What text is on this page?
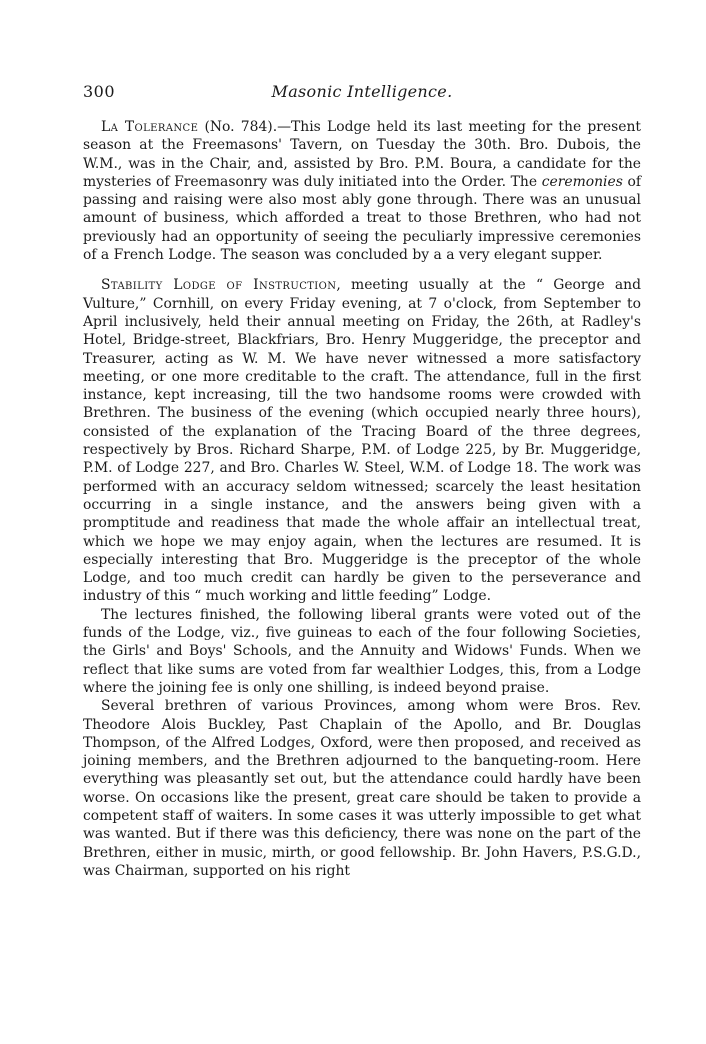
300	Masonic Intelligence.

La Tolerance (No. 784).—This Lodge held its last meeting for the present season at the Freemasons' Tavern, on Tuesday the 30th. Bro. Dubois, the W.M., was in the Chair, and, assisted by Bro. P.M. Boura, a candidate for the mysteries of Freemasonry was duly initiated into the Order. The ceremonies of passing and raising were also most ably gone through. There was an unusual amount of business, which afforded a treat to those Brethren, who had not previously had an opportunity of seeing the peculiarly impressive ceremonies of a French Lodge. The season was concluded by a a very elegant supper.

Stability Lodge of Instruction, meeting usually at the “ George and Vulture,” Cornhill, on every Friday evening, at 7 o'clock, from September to April inclusively, held their annual meeting on Friday, the 26th, at Radley's Hotel, Bridge-street, Blackfriars, Bro. Henry Muggeridge, the preceptor and Treasurer, acting as W. M. We have never witnessed a more satisfactory meeting, or one more creditable to the craft. The attendance, full in the first instance, kept increasing, till the two handsome rooms were crowded with Brethren. The business of the evening (which occupied nearly three hours), consisted of the explanation of the Tracing Board of the three degrees, respectively by Bros. Richard Sharpe, P.M. of Lodge 225, by Br. Muggeridge, P.M. of Lodge 227, and Bro. Charles W. Steel, W.M. of Lodge 18. The work was performed with an accuracy seldom witnessed; scarcely the least hesitation occurring in a single instance, and the answers being given with a promptitude and readiness that made the whole affair an intellectual treat, which we hope we may enjoy again, when the lectures are resumed. It is especially interesting that Bro. Muggeridge is the preceptor of the whole Lodge, and too much credit can hardly be given to the perseverance and industry of this “ much working and little feeding” Lodge.

The lectures finished, the following liberal grants were voted out of the funds of the Lodge, viz., five guineas to each of the four following Societies, the Girls' and Boys' Schools, and the Annuity and Widows' Funds. When we reflect that like sums are voted from far wealthier Lodges, this, from a Lodge where the joining fee is only one shilling, is indeed beyond praise.

Several brethren of various Provinces, among whom were Bros. Rev. Theodore Alois Buckley, Past Chaplain of the Apollo, and Br. Douglas Thompson, of the Alfred Lodges, Oxford, were then proposed, and received as joining members, and the Brethren adjourned to the banqueting-room. Here everything was pleasantly set out, but the attendance could hardly have been worse. On occasions like the present, great care should be taken to provide a competent staff of waiters. In some cases it was utterly impossible to get what was wanted. But if there was this deficiency, there was none on the part of the Brethren, either in music, mirth, or good fellowship. Br. John Havers, P.S.G.D., was Chairman, supported on his right
